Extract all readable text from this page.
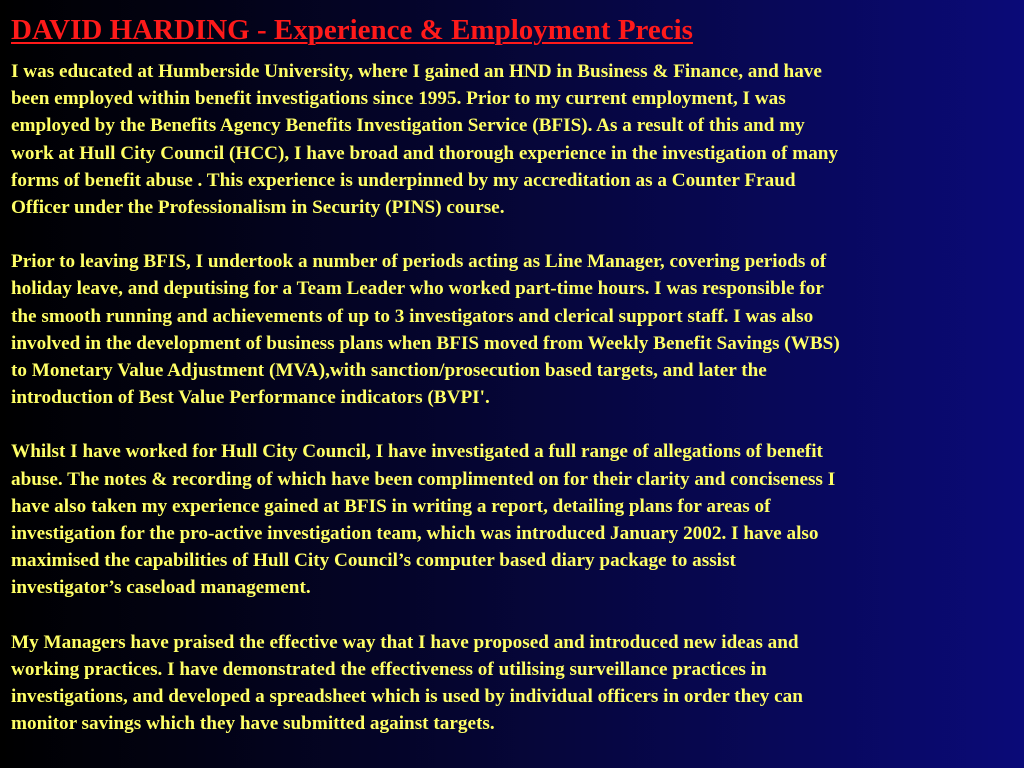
DAVID HARDING - Experience & Employment Precis

I was educated at Humberside University, where I gained an HND in Business & Finance, and have
been employed within benefit investigations since 1995. Prior to my current employment, I was
employed by the Benefits Agency Benefits Investigation Service (BFIS). As a result of this and my
work at Hull City Council (HCC), I have broad and thorough experience in the investigation of many
forms of benefit abuse . This experience is underpinned by my accreditation as a Counter Fraud
Officer under the Professionalism in Security (PINS) course.

Prior to leaving BFIS, I undertook a number of periods acting as Line Manager, covering periods of
holiday leave, and deputising for a Team Leader who worked part-time hours. I was responsible for
the smooth running and achievements of up to 3 investigators and clerical support staff. I was also
involved in the development of business plans when BFIS moved from Weekly Benefit Savings (WBS)
to Monetary Value Adjustment (MVA),with sanction/prosecution based targets, and later the
introduction of Best Value Performance indicators (BVPI'.

Whilst I have worked for Hull City Council, I have investigated a full range of allegations of benefit
abuse. The notes & recording of which have been complimented on for their clarity and conciseness I
have also taken my experience gained at BFIS in writing a report, detailing plans for areas of
investigation for the pro-active investigation team, which was introduced January 2002. I have also
maximised the capabilities of Hull City Council’s computer based diary package to assist
investigator’s caseload management.

My Managers have praised the effective way that I have proposed and introduced new ideas and
working practices. I have demonstrated the effectiveness of utilising surveillance practices in
investigations, and developed a spreadsheet which is used by individual officers in order they can
monitor savings which they have submitted against targets.
